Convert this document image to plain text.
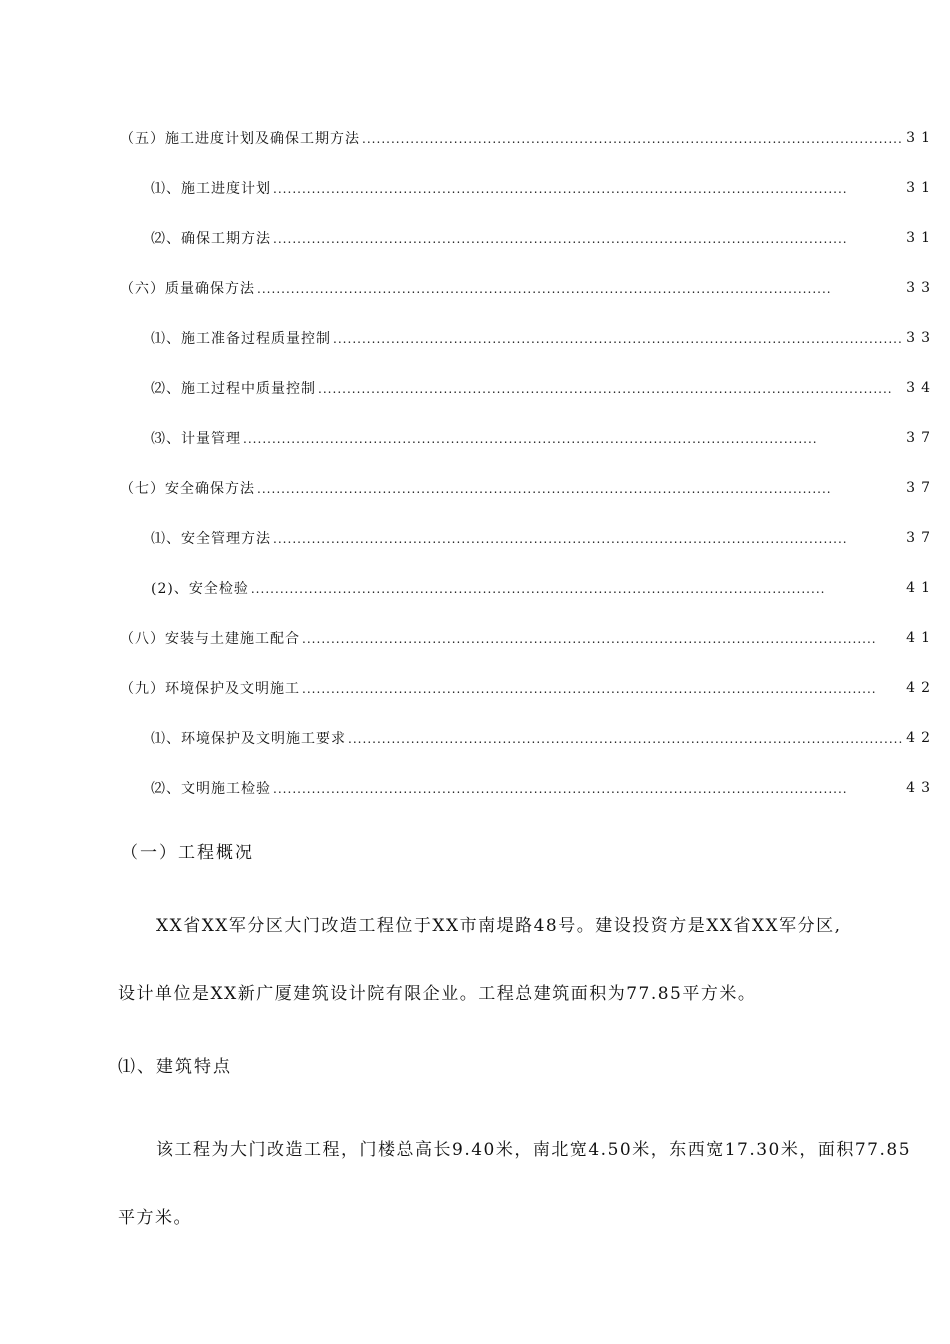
（五）施工进度计划及确保工期方法 . . .	31
⑴、施工进度计划 . . .	31
⑵、确保工期方法 . . .	31
（六）质量确保方法 . . .	33
⑴、施工准备过程质量控制 . . .	33
⑵、施工过程中质量控制 . . .	34
⑶、计量管理 . . .	37
（七）安全确保方法 . . .	37
⑴、安全管理方法 . . .	37
(2)、安全检验 . . .	41
（八）安装与土建施工配合 . . .	41
（九）环境保护及文明施工 . . .	42
⑴、环境保护及文明施工要求 . . .	42
⑵、文明施工检验 . . .	43
（一）工程概况
XX省XX军分区大门改造工程位于XX市南堤路48号。建设投资方是XX省XX军分区,
设计单位是XX新广厦建筑设计院有限企业。工程总建筑面积为77.85平方米。
⑴、建筑特点
该工程为大门改造工程，门楼总高长9.40米，南北宽4.50米，东西宽17.30米，面积77.85
平方米。
